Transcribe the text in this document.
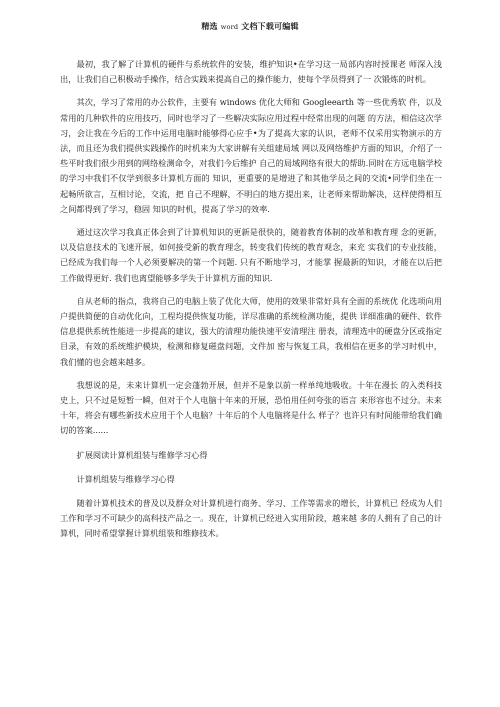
精选 word 文档下载可编辑

最初，我了解了计算机的硬件与系统软件的安装，维护知识•在学习这一局部内容时授课老 师深入浅出，让我们自己积极动手操作，结合实践来提高自己的操作能力，使每个学员得到了一 次锻炼的时机。

其次，学习了常用的办公软件，主要有 windows 优化大师和 Googleearth 等一些优秀软 件，以及常用的几种软件的应用技巧，同时也学习了一些解决实际应用过程中经常出现的问题 的方法，相信这次学习，会让我在今后的工作中运用电脑时能够得心应手•为了提高大家的认识，老师不仅采用实物演示的方法，而且还为我们提供实践操作的时机来为大家讲解有关组建局域 网以及网络维护方面的知识，介绍了一些平时我们很少用到的网络检测命令，对我们今后维护 自己的局域网络有很大的帮助.同时在方远电脑学校的学习中我们不仅学到很多计算机方面的 知识，更重要的是增进了和其他学员之间的交流•同学们坐在一起畅所欲言，互相讨论，交流，把 自己不理解，不明白的地方提出来，让老师来帮助解决，这样使得相互之间都得到了学习，稳固 知识的时机，提高了学习的效率.

通过这次学习我真正体会到了计算机知识的更新是很快的，随着教育体制的改革和教育理 念的更新，以及信息技术的飞速开展，如何接受新的教育理念，转变我们传统的教育观念，来充 实我们的专业技能，已经成为我们每一个人必须要解决的第一个问题. 只有不断地学习，才能掌 握最新的知识，才能在以后把工作做得更好. 我们也离望能够多学失于计算机方面的知识.

自从老师的指点，我将自己的电脑上装了优化大师，使用的效果非常好具有全面的系统优 化选项向用户提供简便的自动优化向，工程均提供恢复功能，详尽准确的系统检测功能，提供 详细准确的硬件、软件信息提供系统性能进一步提高的建议，强大的清理功能快速平安清理注 册表，清理选中的硬盘分区或指定目录，有效的系统维护模块，检测和修复磁盘问题，文件加 密与恢复工具，我相信在更多的学习时机中，我们懂的也会越来越多。

我想说的是，未来计算机一定会蓬勃开展，但并不是象以前一样单纯地吸收。十年在漫长 的入类科技史上，只不过是短暂一瞬，但对于个人电脑十年来的开展，恐怕用任何夸张的语言 来形容也不过分。未来十年，将会有哪些新技术应用于个人电脑？十年后的个人电脑将是什么 样子？也许只有时间能带给我们确切的答案......

扩展阅读计算机组装与维修学习心得

计算机组装与维修学习心得

随着计算机技术的普及以及群众对计算机进行商务、学习、工作等需求的增长，计算机已 经成为人们工作和学习不可缺少的高科技产品之一。现在，计算机已经进入实用阶段，越来越 多的人拥有了自己的计算机，同时希望掌握计算机组装和维修技术。
